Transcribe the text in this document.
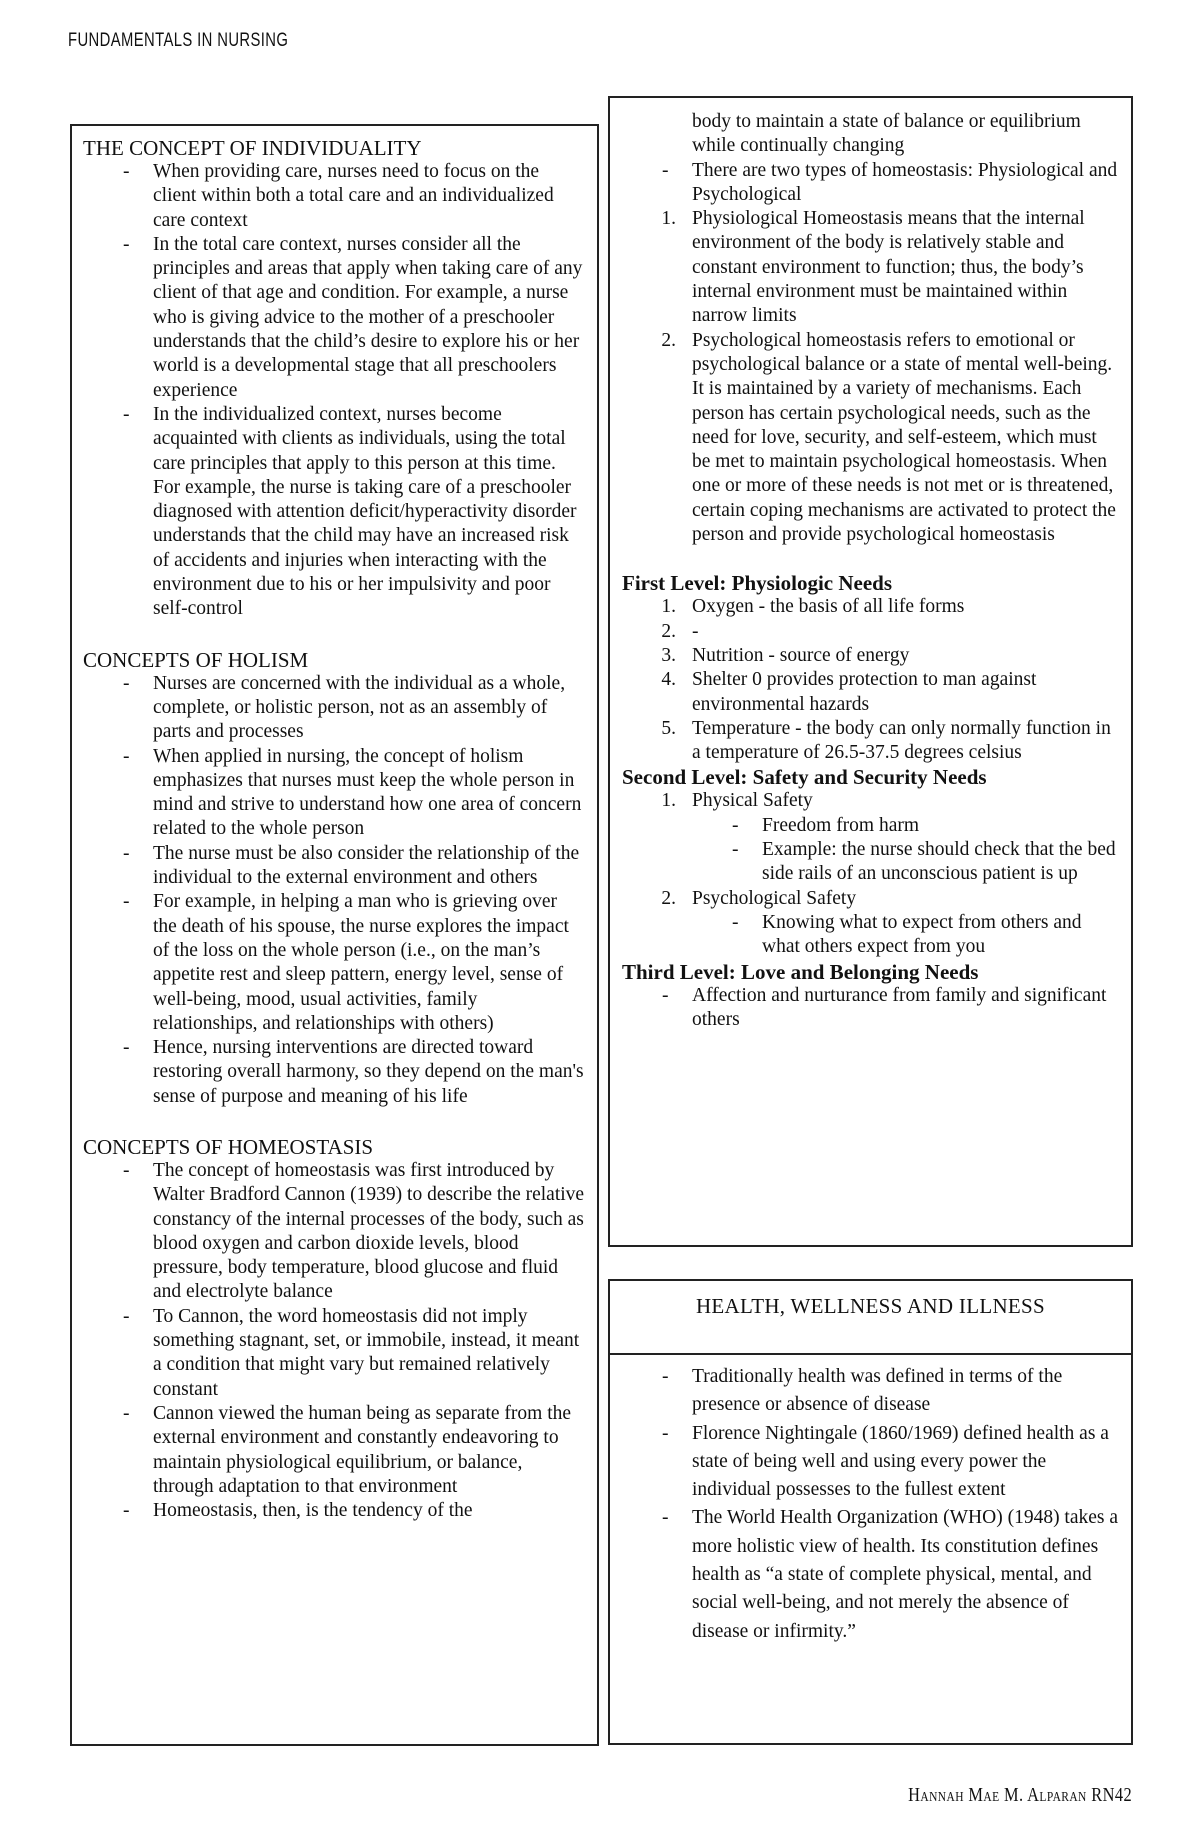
FUNDAMENTALS IN NURSING
THE CONCEPT OF INDIVIDUALITY
- When providing care, nurses need to focus on the client within both a total care and an individualized care context
- In the total care context, nurses consider all the principles and areas that apply when taking care of any client of that age and condition. For example, a nurse who is giving advice to the mother of a preschooler understands that the child’s desire to explore his or her world is a developmental stage that all preschoolers experience
- In the individualized context, nurses become acquainted with clients as individuals, using the total care principles that apply to this person at this time. For example, the nurse is taking care of a preschooler diagnosed with attention deficit/hyperactivity disorder understands that the child may have an increased risk of accidents and injuries when interacting with the environment due to his or her impulsivity and poor self-control
CONCEPTS OF HOLISM
- Nurses are concerned with the individual as a whole, complete, or holistic person, not as an assembly of parts and processes
- When applied in nursing, the concept of holism emphasizes that nurses must keep the whole person in mind and strive to understand how one area of concern related to the whole person
- The nurse must be also consider the relationship of the individual to the external environment and others
- For example, in helping a man who is grieving over the death of his spouse, the nurse explores the impact of the loss on the whole person (i.e., on the man’s appetite rest and sleep pattern, energy level, sense of well-being, mood, usual activities, family relationships, and relationships with others)
- Hence, nursing interventions are directed toward restoring overall harmony, so they depend on the man's sense of purpose and meaning of his life
CONCEPTS OF HOMEOSTASIS
- The concept of homeostasis was first introduced by Walter Bradford Cannon (1939) to describe the relative constancy of the internal processes of the body, such as blood oxygen and carbon dioxide levels, blood pressure, body temperature, blood glucose and fluid and electrolyte balance
- To Cannon, the word homeostasis did not imply something stagnant, set, or immobile, instead, it meant a condition that might vary but remained relatively constant
- Cannon viewed the human being as separate from the external environment and constantly endeavoring to maintain physiological equilibrium, or balance, through adaptation to that environment
- Homeostasis, then, is the tendency of the
body to maintain a state of balance or equilibrium while continually changing
- There are two types of homeostasis: Physiological and Psychological
1. Physiological Homeostasis means that the internal environment of the body is relatively stable and constant environment to function; thus, the body’s internal environment must be maintained within narrow limits
2. Psychological homeostasis refers to emotional or psychological balance or a state of mental well-being. It is maintained by a variety of mechanisms. Each person has certain psychological needs, such as the need for love, security, and self-esteem, which must be met to maintain psychological homeostasis. When one or more of these needs is not met or is threatened, certain coping mechanisms are activated to protect the person and provide psychological homeostasis
First Level: Physiologic Needs
1. Oxygen - the basis of all life forms
2. -
3. Nutrition - source of energy
4. Shelter 0 provides protection to man against environmental hazards
5. Temperature - the body can only normally function in a temperature of 26.5-37.5 degrees celsius
Second Level: Safety and Security Needs
1. Physical Safety
- Freedom from harm
- Example: the nurse should check that the bed side rails of an unconscious patient is up
2. Psychological Safety
- Knowing what to expect from others and what others expect from you
Third Level: Love and Belonging Needs
- Affection and nurturance from family and significant others
HEALTH, WELLNESS AND ILLNESS
- Traditionally health was defined in terms of the presence or absence of disease
- Florence Nightingale (1860/1969) defined health as a state of being well and using every power the individual possesses to the fullest extent
- The World Health Organization (WHO) (1948) takes a more holistic view of health. Its constitution defines health as “a state of complete physical, mental, and social well-being, and not merely the absence of disease or infirmity.”
Hannah Mae M. Alparan RN42
